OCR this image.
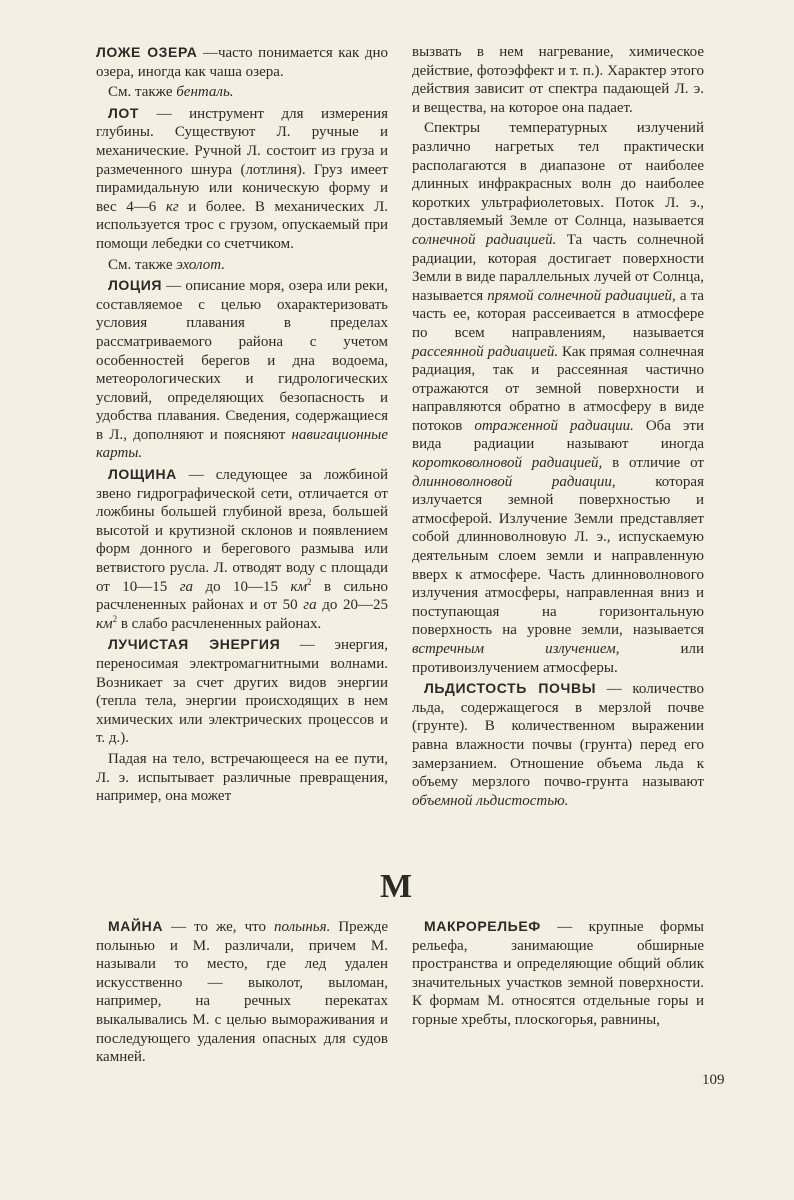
ЛОЖЕ ОЗЕРА —часто понимается как дно озера, иногда как чаша озера.

См. также бенталь.

ЛОТ — инструмент для измерения глубины. Существуют Л. ручные и механические. Ручной Л. состоит из груза и размеченного шнура (лотлиня). Груз имеет пирамидальную или коническую форму и вес 4—6 кг и более. В механических Л. используется трос с грузом, опускаемый при помощи лебедки со счетчиком.

См. также эхолот.

ЛОЦИЯ — описание моря, озера или реки, составляемое с целью охарактеризовать условия плавания в пределах рассматриваемого района с учетом особенностей берегов и дна водоема, метеорологических и гидрологических условий, определяющих безопасность и удобства плавания. Сведения, содержащиеся в Л., дополняют и поясняют навигационные карты.

ЛОЩИНА — следующее за ложбиной звено гидрографической сети, отличается от ложбины большей глубиной вреза, большей высотой и крутизной склонов и появлением форм донного и берегового размыва или ветвистого русла. Л. отводят воду с площади от 10—15 га до 10—15 $км^2$ в сильно расчлененных районах и от 50 га до 20—25 $км^2$ в слабо расчлененных районах.

ЛУЧИСТАЯ ЭНЕРГИЯ — энергия, переносимая электромагнитными волнами. Возникает за счет других видов энергии (тепла тела, энергии происходящих в нем химических или электрических процессов и т. д.).

Падая на тело, встречающееся на ее пути, Л. э. испытывает различные превращения, например, она может

вызвать в нем нагревание, химическое действие, фотоэффект и т. п.). Характер этого действия зависит от спектра падающей Л. э. и вещества, на которое она падает.

Спектры температурных излучений различно нагретых тел практически располагаются в диапазоне от наиболее длинных инфракрасных волн до наиболее коротких ультрафиолетовых. Поток Л. э., доставляемый Земле от Солнца, называется солнечной радиацией. Та часть солнечной радиации, которая достигает поверхности Земли в виде параллельных лучей от Солнца, называется прямой солнечной радиацией, а та часть ее, которая рассеивается в атмосфере по всем направлениям, называется рассеянной радиацией. Как прямая солнечная радиация, так и рассеянная частично отражаются от земной поверхности и направляются обратно в атмосферу в виде потоков отраженной радиации. Оба эти вида радиации называют иногда коротковолновой радиацией, в отличие от длинноволновой радиации, которая излучается земной поверхностью и атмосферой. Излучение Земли представляет собой длинноволновую Л. э., испускаемую деятельным слоем земли и направленную вверх к атмосфере. Часть длинноволнового излучения атмосферы, направленная вниз и поступающая на горизонтальную поверхность на уровне земли, называется встречным излучением, или противоизлучением атмосферы.

ЛЬДИСТОСТЬ ПОЧВЫ — количество льда, содержащегося в мерзлой почве (грунте). В количественном выражении равна влажности почвы (грунта) перед его замерзанием. Отношение объема льда к объему мерзлого почво-грунта называют объемной льдистостью.

М

МАЙНА — то же, что полынья. Прежде полынью и М. различали, причем М. называли то место, где лед удален искусственно — выколот, выломан, например, на речных перекатах выкалывались М. с целью вымораживания и последующего удаления опасных для судов камней.

МАКРОРЕЛЬЕФ — крупные формы рельефа, занимающие обширные пространства и определяющие общий облик значительных участков земной поверхности. К формам М. относятся отдельные горы и горные хребты, плоскогорья, равнины,

109
